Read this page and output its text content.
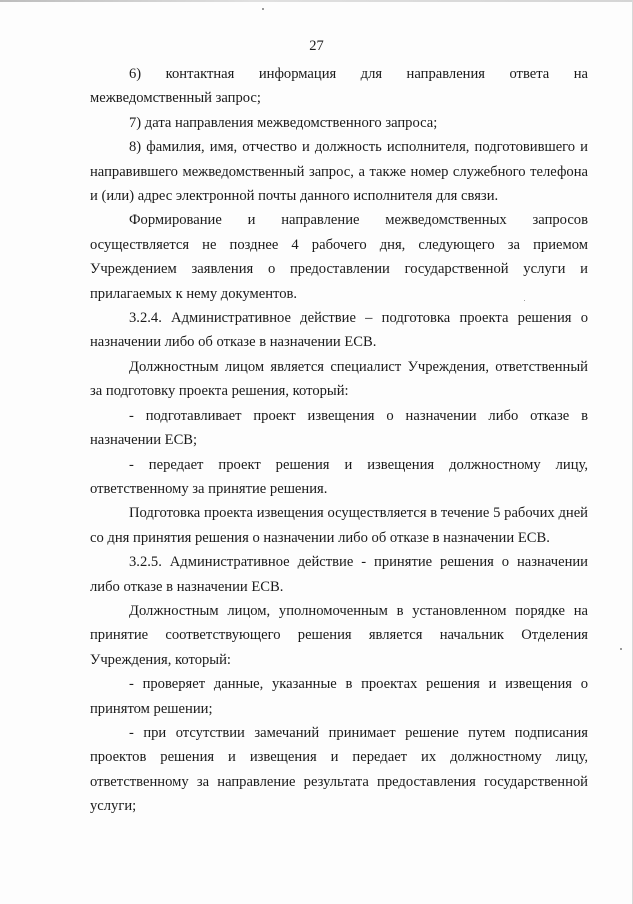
27

6) контактная информация для направления ответа на межведомственный запрос;

7) дата направления межведомственного запроса;

8) фамилия, имя, отчество и должность исполнителя, подготовившего и направившего межведомственный запрос, а также номер служебного телефона и (или) адрес электронной почты данного исполнителя для связи.

Формирование и направление межведомственных запросов осуществляется не позднее 4 рабочего дня, следующего за приемом Учреждением заявления о предоставлении государственной услуги и прилагаемых к нему документов.

3.2.4. Административное действие – подготовка проекта решения о назначении либо об отказе в назначении ЕСВ.

Должностным лицом является специалист Учреждения, ответственный за подготовку проекта решения, который:

- подготавливает проект извещения о назначении либо отказе в назначении ЕСВ;

- передает проект решения и извещения должностному лицу, ответственному за принятие решения.

Подготовка проекта извещения осуществляется в течение 5 рабочих дней со дня принятия решения о назначении либо об отказе в назначении ЕСВ.

3.2.5. Административное действие - принятие решения о назначении либо отказе в назначении ЕСВ.

Должностным лицом, уполномоченным в установленном порядке на принятие соответствующего решения является начальник Отделения Учреждения, который:

- проверяет данные, указанные в проектах решения и извещения о принятом решении;

- при отсутствии замечаний принимает решение путем подписания проектов решения и извещения и передает их должностному лицу, ответственному за направление результата предоставления государственной услуги;
